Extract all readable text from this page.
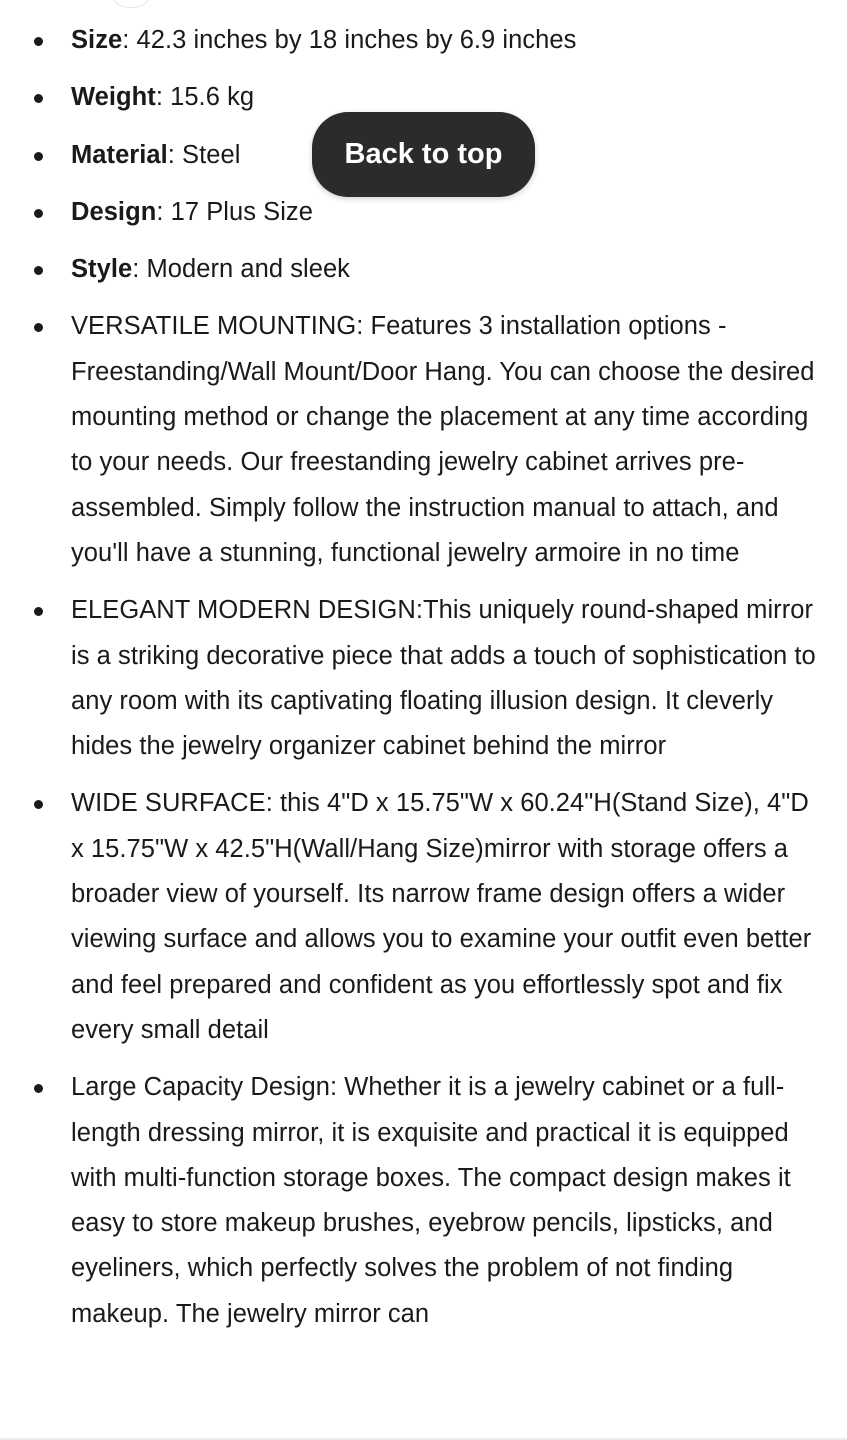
Size: 42.3 inches by 18 inches by 6.9 inches
Weight: 15.6 kg
Material: Steel
Design: 17 Plus Size
Style: Modern and sleek
VERSATILE MOUNTING: Features 3 installation options - Freestanding/Wall Mount/Door Hang. You can choose the desired mounting method or change the placement at any time according to your needs. Our freestanding jewelry cabinet arrives pre-assembled. Simply follow the instruction manual to attach, and you'll have a stunning, functional jewelry armoire in no time
ELEGANT MODERN DESIGN:This uniquely round-shaped mirror is a striking decorative piece that adds a touch of sophistication to any room with its captivating floating illusion design. It cleverly hides the jewelry organizer cabinet behind the mirror
WIDE SURFACE: this 4"D x 15.75"W x 60.24"H(Stand Size), 4"D x 15.75"W x 42.5"H(Wall/Hang Size)mirror with storage offers a broader view of yourself. Its narrow frame design offers a wider viewing surface and allows you to examine your outfit even better and feel prepared and confident as you effortlessly spot and fix every small detail
Large Capacity Design: Whether it is a jewelry cabinet or a full-length dressing mirror, it is exquisite and practical it is equipped with multi-function storage boxes. The compact design makes it easy to store makeup brushes, eyebrow pencils, lipsticks, and eyeliners, which perfectly solves the problem of not finding makeup. The jewelry mirror can
Back to top
